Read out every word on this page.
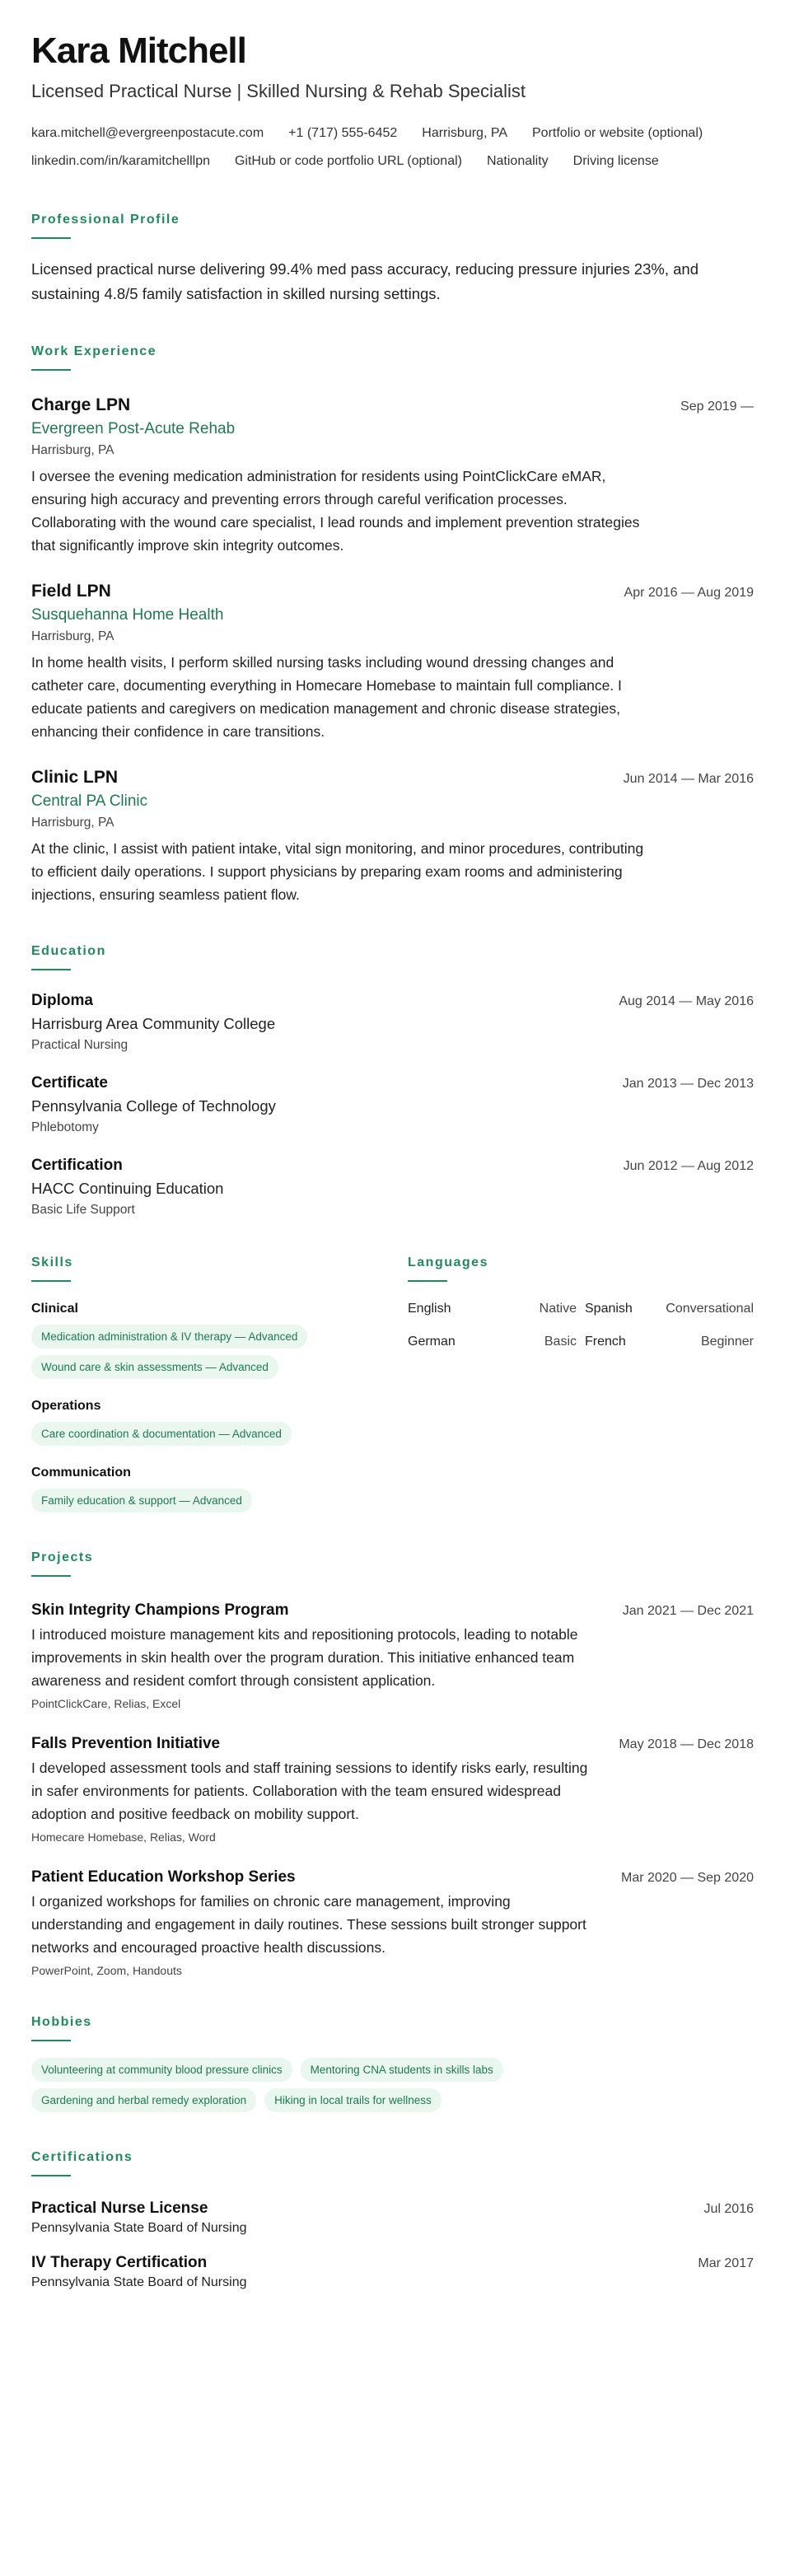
Kara Mitchell
Licensed Practical Nurse | Skilled Nursing & Rehab Specialist
kara.mitchell@evergreenpostacute.com +1 (717) 555-6452 Harrisburg, PA Portfolio or website (optional)
linkedin.com/in/karamitchelllpn GitHub or code portfolio URL (optional) Nationality Driving license
Professional Profile
Licensed practical nurse delivering 99.4% med pass accuracy, reducing pressure injuries 23%, and sustaining 4.8/5 family satisfaction in skilled nursing settings.
Work Experience
Charge LPN	Sep 2019 —
Evergreen Post-Acute Rehab
Harrisburg, PA
I oversee the evening medication administration for residents using PointClickCare eMAR, ensuring high accuracy and preventing errors through careful verification processes. Collaborating with the wound care specialist, I lead rounds and implement prevention strategies that significantly improve skin integrity outcomes.
Field LPN	Apr 2016 — Aug 2019
Susquehanna Home Health
Harrisburg, PA
In home health visits, I perform skilled nursing tasks including wound dressing changes and catheter care, documenting everything in Homecare Homebase to maintain full compliance. I educate patients and caregivers on medication management and chronic disease strategies, enhancing their confidence in care transitions.
Clinic LPN	Jun 2014 — Mar 2016
Central PA Clinic
Harrisburg, PA
At the clinic, I assist with patient intake, vital sign monitoring, and minor procedures, contributing to efficient daily operations. I support physicians by preparing exam rooms and administering injections, ensuring seamless patient flow.
Education
Diploma	Aug 2014 — May 2016
Harrisburg Area Community College
Practical Nursing
Certificate	Jan 2013 — Dec 2013
Pennsylvania College of Technology
Phlebotomy
Certification	Jun 2012 — Aug 2012
HACC Continuing Education
Basic Life Support
Skills
Clinical
Medication administration & IV therapy — Advanced
Wound care & skin assessments — Advanced
Operations
Care coordination & documentation — Advanced
Communication
Family education & support — Advanced
Languages
English	Native Spanish	Conversational
German	Basic French	Beginner
Projects
Skin Integrity Champions Program	Jan 2021 — Dec 2021
I introduced moisture management kits and repositioning protocols, leading to notable improvements in skin health over the program duration. This initiative enhanced team awareness and resident comfort through consistent application.
PointClickCare, Relias, Excel
Falls Prevention Initiative	May 2018 — Dec 2018
I developed assessment tools and staff training sessions to identify risks early, resulting in safer environments for patients. Collaboration with the team ensured widespread adoption and positive feedback on mobility support.
Homecare Homebase, Relias, Word
Patient Education Workshop Series	Mar 2020 — Sep 2020
I organized workshops for families on chronic care management, improving understanding and engagement in daily routines. These sessions built stronger support networks and encouraged proactive health discussions.
PowerPoint, Zoom, Handouts
Hobbies
Volunteering at community blood pressure clinics	Mentoring CNA students in skills labs
Gardening and herbal remedy exploration	Hiking in local trails for wellness
Certifications
Practical Nurse License	Jul 2016
Pennsylvania State Board of Nursing
IV Therapy Certification	Mar 2017
Pennsylvania State Board of Nursing
